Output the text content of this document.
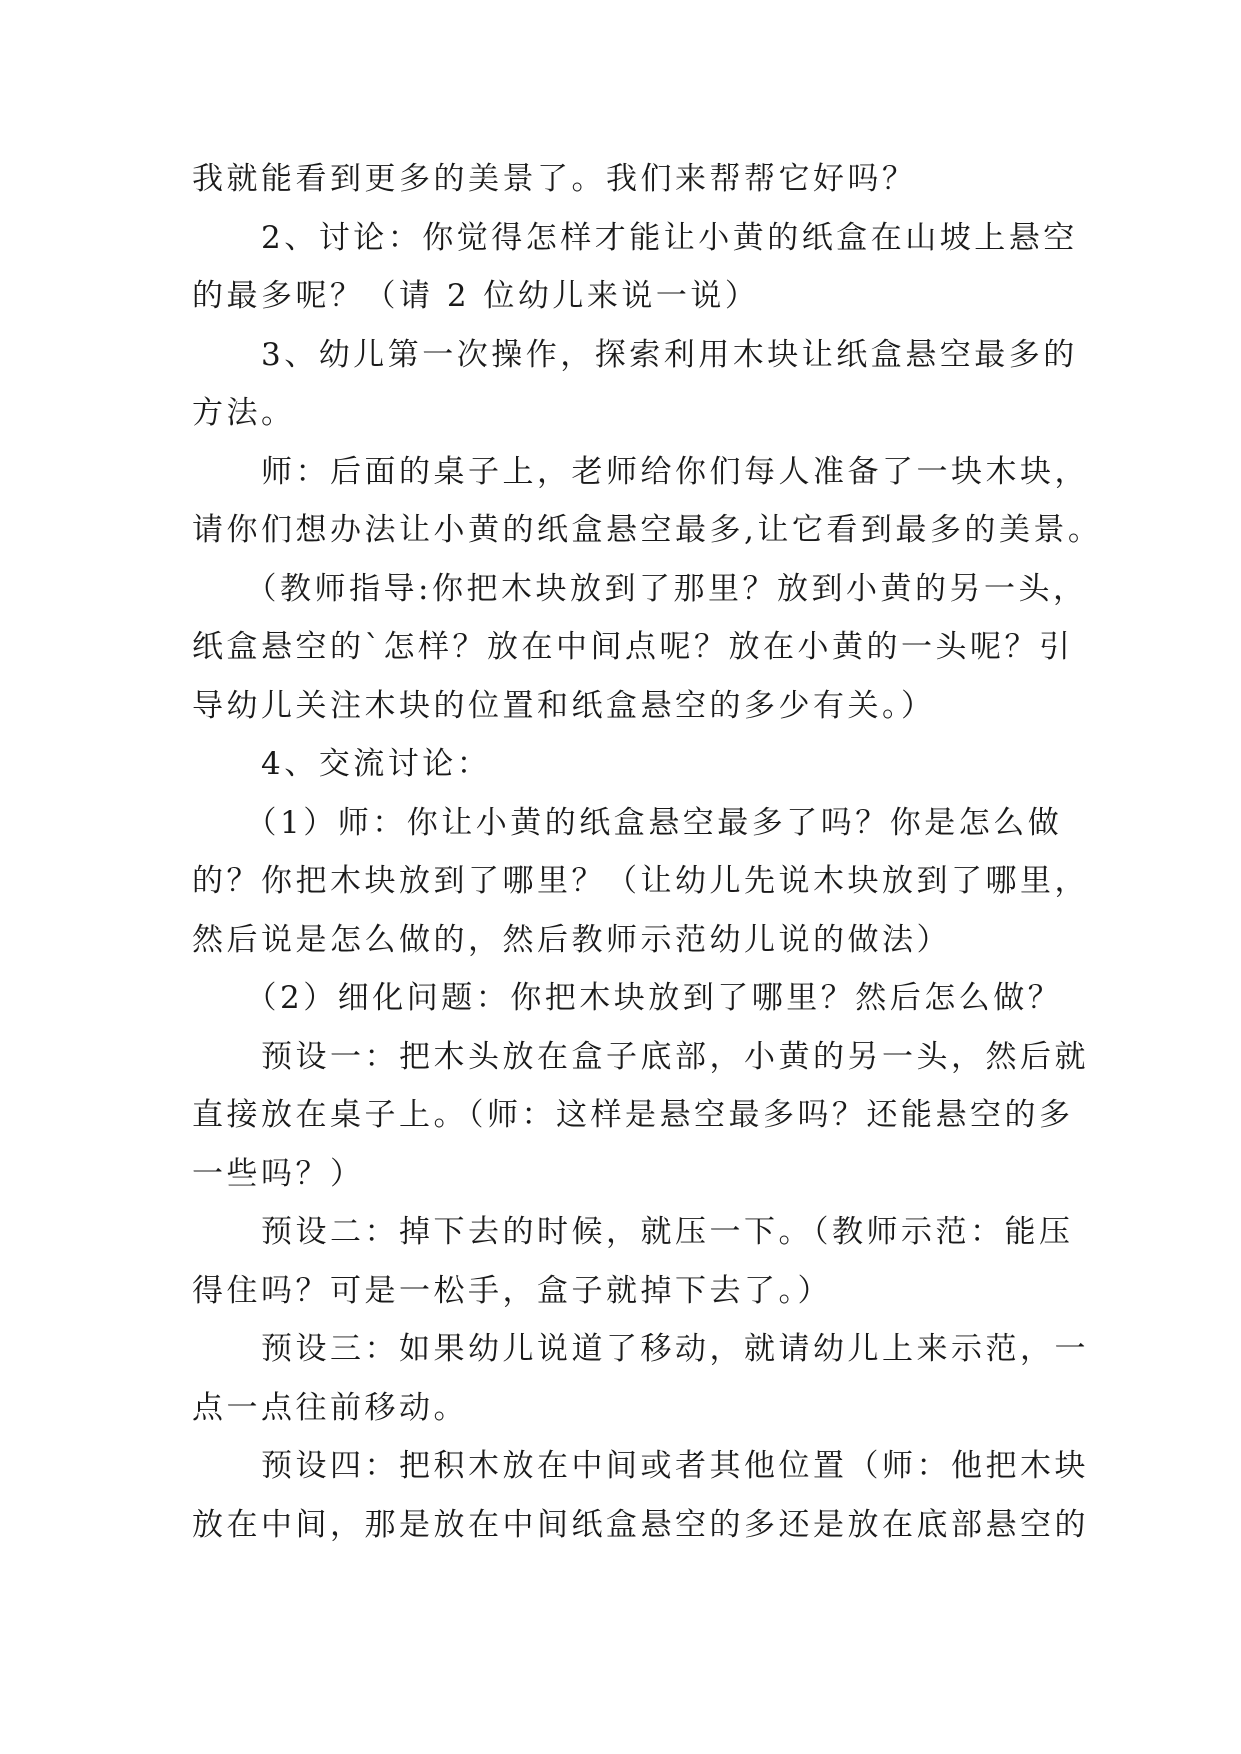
我就能看到更多的美景了。我们来帮帮它好吗？

　　2、讨论：你觉得怎样才能让小黄的纸盒在山坡上悬空

的最多呢？（请 2 位幼儿来说一说）

　　3、幼儿第一次操作，探索利用木块让纸盒悬空最多的

方法。

　　师：后面的桌子上，老师给你们每人准备了一块木块，

请你们想办法让小黄的纸盒悬空最多,让它看到最多的美景。

　　（教师指导:你把木块放到了那里？放到小黄的另一头，

纸盒悬空的`怎样？放在中间点呢？放在小黄的一头呢？引

导幼儿关注木块的位置和纸盒悬空的多少有关。）

　　4、交流讨论：

　　（1）师：你让小黄的纸盒悬空最多了吗？你是怎么做

的？你把木块放到了哪里？（让幼儿先说木块放到了哪里，

然后说是怎么做的，然后教师示范幼儿说的做法）

　　（2）细化问题：你把木块放到了哪里？然后怎么做？

　　预设一：把木头放在盒子底部，小黄的另一头，然后就

直接放在桌子上。（师：这样是悬空最多吗？还能悬空的多

一些吗？）

　　预设二：掉下去的时候，就压一下。（教师示范：能压

得住吗？可是一松手，盒子就掉下去了。）

　　预设三：如果幼儿说道了移动，就请幼儿上来示范，一

点一点往前移动。

　　预设四：把积木放在中间或者其他位置（师：他把木块

放在中间，那是放在中间纸盒悬空的多还是放在底部悬空的
